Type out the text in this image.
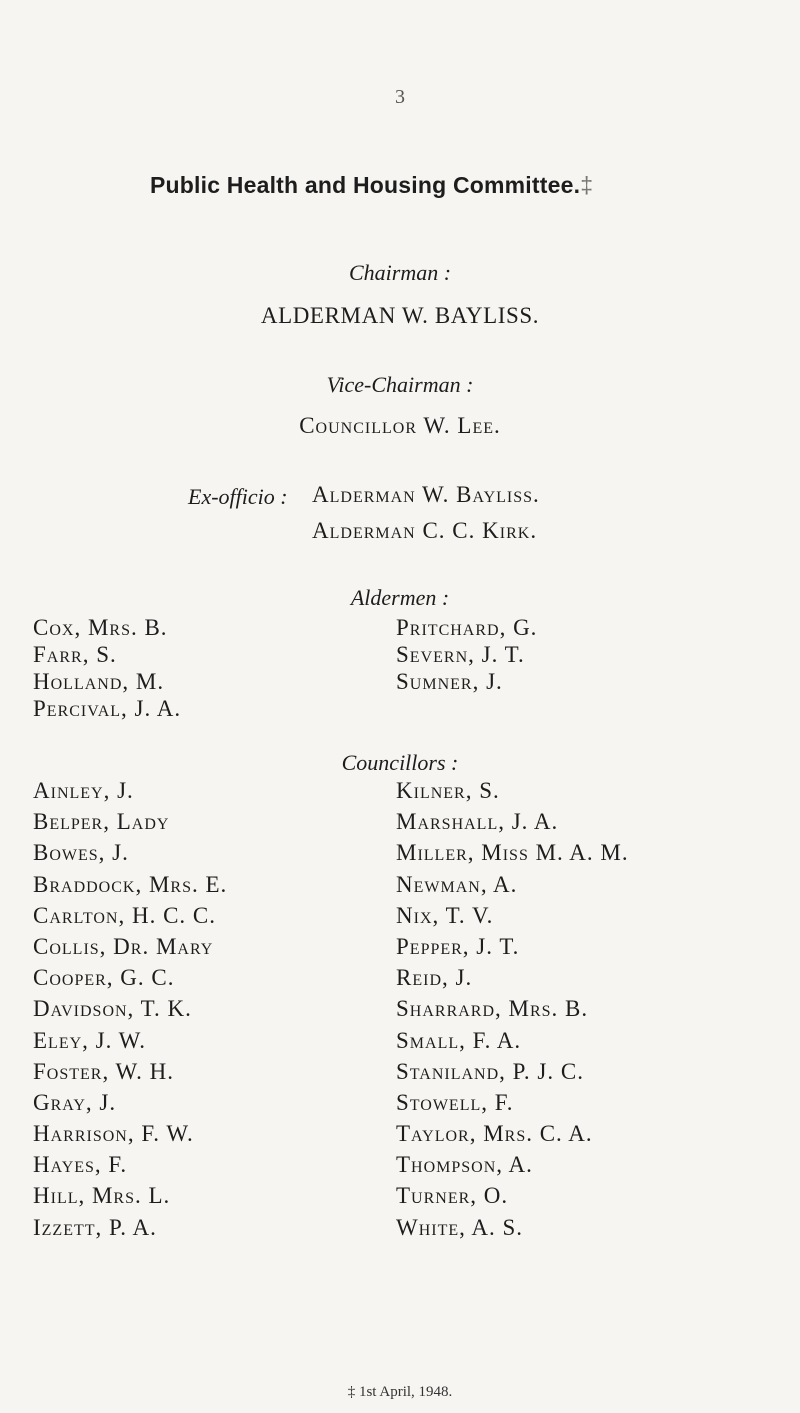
3
Public Health and Housing Committee.‡
Chairman :
ALDERMAN W. BAYLISS.
Vice-Chairman :
Councillor W. Lee.
Ex-officio : Alderman W. Bayliss.
Alderman C. C. Kirk.
Aldermen :
Cox, Mrs. B.
Farr, S.
Holland, M.
Percival, J. A.
Pritchard, G.
Severn, J. T.
Sumner, J.
Councillors :
Ainley, J.
Belper, Lady
Bowes, J.
Braddock, Mrs. E.
Carlton, H. C. C.
Collis, Dr. Mary
Cooper, G. C.
Davidson, T. K.
Eley, J. W.
Foster, W. H.
Gray, J.
Harrison, F. W.
Hayes, F.
Hill, Mrs. L.
Izzett, P. A.
Kilner, S.
Marshall, J. A.
Miller, Miss M. A. M.
Newman, A.
Nix, T. V.
Pepper, J. T.
Reid, J.
Sharrard, Mrs. B.
Small, F. A.
Staniland, P. J. C.
Stowell, F.
Taylor, Mrs. C. A.
Thompson, A.
Turner, O.
White, A. S.
‡ 1st April, 1948.
